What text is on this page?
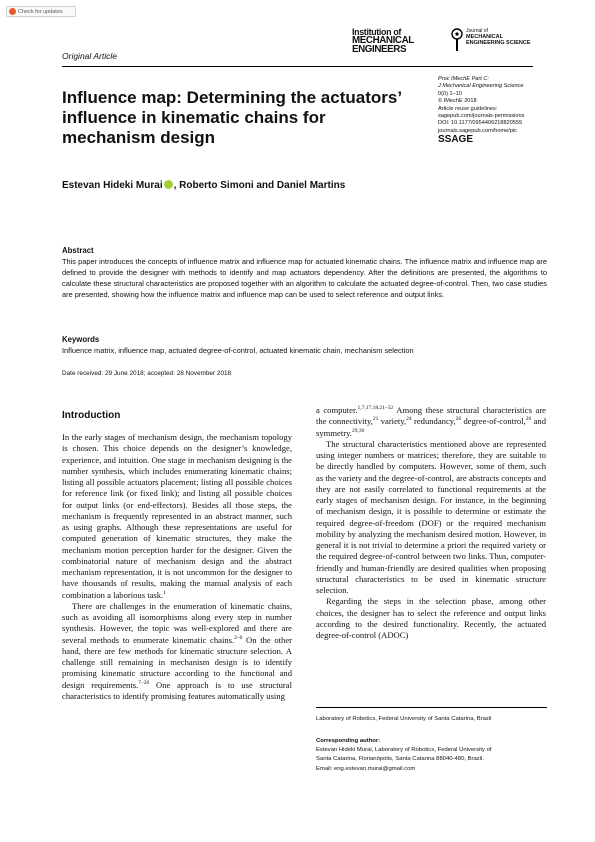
Check for updates
Original Article
Institution of
MECHANICAL
ENGINEERS
Journal of
MECHANICAL
ENGINEERING SCIENCE
Proc IMechE Part C:
J Mechanical Engineering Science
0(0) 1–10
© IMechE 2018
Article reuse guidelines:
sagepub.com/journals-permissions
DOI: 10.1177/0954406218820555
journals.sagepub.com/home/pic
SSAGE
Influence map: Determining the actuators’ influence in kinematic chains for mechanism design
Estevan Hideki Murai , Roberto Simoni and Daniel Martins
Abstract
This paper introduces the concepts of influence matrix and influence map for actuated kinematic chains. The influence matrix and influence map are defined to provide the designer with methods to identify and map actuators dependency. After the definitions are presented, the algorithms to calculate these structural characteristics are proposed together with an algorithm to calculate the actuated degree-of-control. Then, two case studies are presented, showing how the influence matrix and influence map can be used to select reference and output links.
Keywords
Influence matrix, influence map, actuated degree-of-control, actuated kinematic chain, mechanism selection
Date received: 29 June 2018; accepted: 28 November 2018
Introduction

In the early stages of mechanism design, the mechanism topology is chosen. This choice depends on the designer’s knowledge, experience, and intuition. One stage in mechanism designing is the number synthesis, which includes enumerating kinematic chains; listing all possible actuators placement; listing all possible choices for reference link (or fixed link); and listing all possible choices for output links (or end-effectors). Besides all those steps, the mechanism is frequently represented in an abstract manner, such as using graphs. Although these representations are useful for computed generation of kinematic structures, they make the mechanism motion perception harder for the designer. Given the combinatorial nature of mechanism design and the abstract mechanism representation, it is not uncommon for the designer to have thousands of results, making the manual analysis of each combination a laborious task.$^1$

There are challenges in the enumeration of kinematic chains, such as avoiding all isomorphisms along every step in number synthesis. However, the topic was well-explored and there are several methods to enumerate kinematic chains.$^{2-6}$ On the other hand, there are few methods for kinematic structure selection. A challenge still remaining in mechanism design is to identify promising kinematic structure according to the functional and design requirements.$^{7-20}$ One approach is to use structural characteristics to identify promising features automatically using

a computer.$^{1,7,17,18,21-32}$ Among these structural characteristics are the connectivity,$^{21}$ variety,$^{24}$ redundancy,$^{26}$ degree-of-control,$^{26}$ and symmetry.$^{29,30}$

The structural characteristics mentioned above are represented using integer numbers or matrices; therefore, they are suitable to be directly handled by computers. However, some of them, such as the variety and the degree-of-control, are abstracts concepts and they are not easily correlated to functional requirements at the early stages of mechanism design. For instance, in the beginning of mechanism design, it is possible to determine or estimate the required degree-of-freedom (DOF) or the required mechanism mobility by analyzing the mechanism desired motion. However, in general it is not trivial to determine a priori the required variety or the required degree-of-control between two links. Thus, computer-friendly and human-friendly are desired qualities when proposing structural characteristics to be used in kinematic structure selection.

Regarding the steps in the selection phase, among other choices, the designer has to select the reference and output links according to the desired functionality. Recently, the actuated degree-of-control (ADOC)

Laboratory of Robotics, Federal University of Santa Catarina, Brazil
Corresponding author:
Estevan Hideki Murai, Laboratory of Robotics, Federal University of
Santa Catarina, Florianópolis, Santa Catarina 88040-480, Brazil.
Email: eng.estevan.murai@gmail.com
